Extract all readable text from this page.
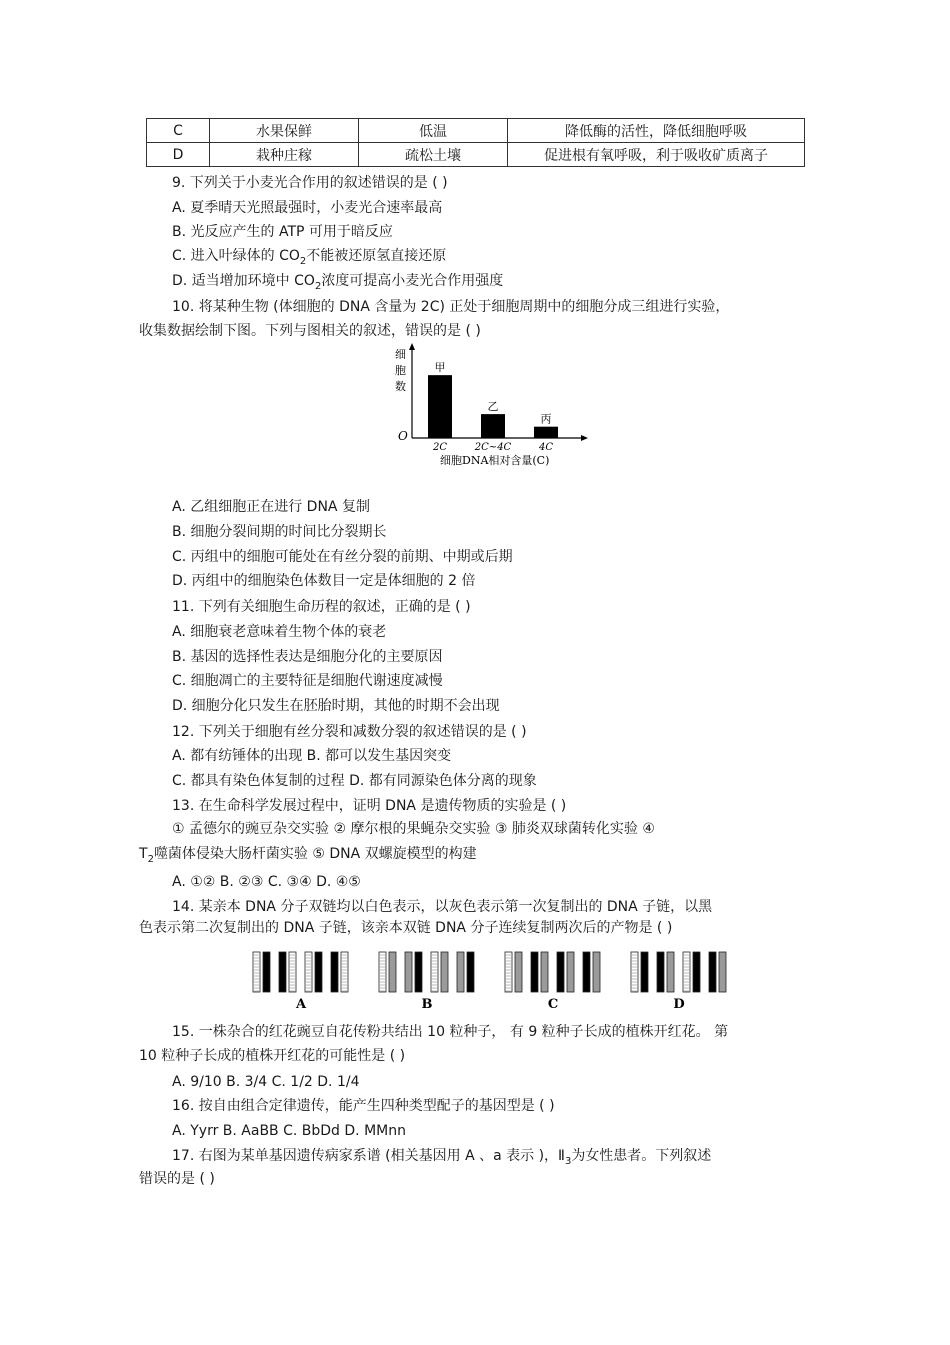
C	水果保鲜	低温	降低酶的活性，降低细胞呼吸
D	栽种庄稼	疏松土壤	促进根有氧呼吸，利于吸收矿质离子
9. 下列关于小麦光合作用的叙述错误的是 ( )
A. 夏季晴天光照最强时，小麦光合速率最高
B. 光反应产生的 ATP 可用于暗反应
C. 进入叶绿体的 $CO_2$不能被还原氢直接还原
D. 适当增加环境中 $CO_2$浓度可提高小麦光合作用强度
10. 将某种生物 (体细胞的 DNA 含量为 2C) 正处于细胞周期中的细胞分成三组进行实验，
收集数据绘制下图。下列与图相关的叙述，错误的是 ( )
细
胞
数
O
甲
2C
乙
2C~4C
丙
4C
细胞DNA相对含量(C)
A. 乙组细胞正在进行 DNA 复制
B. 细胞分裂间期的时间比分裂期长
C. 丙组中的细胞可能处在有丝分裂的前期、中期或后期
D. 丙组中的细胞染色体数目一定是体细胞的 2 倍
11. 下列有关细胞生命历程的叙述，正确的是 ( )
A. 细胞衰老意味着生物个体的衰老
B. 基因的选择性表达是细胞分化的主要原因
C. 细胞凋亡的主要特征是细胞代谢速度减慢
D. 细胞分化只发生在胚胎时期，其他的时期不会出现
12. 下列关于细胞有丝分裂和减数分裂的叙述错误的是 ( )
A. 都有纺锤体的出现 B. 都可以发生基因突变
C. 都具有染色体复制的过程 D. 都有同源染色体分离的现象
13. 在生命科学发展过程中，证明 DNA 是遗传物质的实验是 ( )
① 孟德尔的豌豆杂交实验 ② 摩尔根的果蝇杂交实验 ③ 肺炎双球菌转化实验 ④
$T_2$噬菌体侵染大肠杆菌实验 ⑤ DNA 双螺旋模型的构建
A. ①② B. ②③ C. ③④ D. ④⑤
14. 某亲本 DNA 分子双链均以白色表示，以灰色表示第一次复制出的 DNA 子链，以黑
色表示第二次复制出的 DNA 子链，该亲本双链 DNA 分子连续复制两次后的产物是 ( )
A	B	C	D
15. 一株杂合的红花豌豆自花传粉共结出 10 粒种子， 有 9 粒种子长成的植株开红花。 第
10 粒种子长成的植株开红花的可能性是 ( )
A. 9/10 B. 3/4 C. 1/2 D. 1/4
16. 按自由组合定律遗传，能产生四种类型配子的基因型是 ( )
A. Yyrr B. AaBB C. BbDd D. MMnn
17. 右图为某单基因遗传病家系谱 (相关基因用 A 、a 表示 )，$Ⅱ_3$为女性患者。下列叙述
错误的是 ( )
